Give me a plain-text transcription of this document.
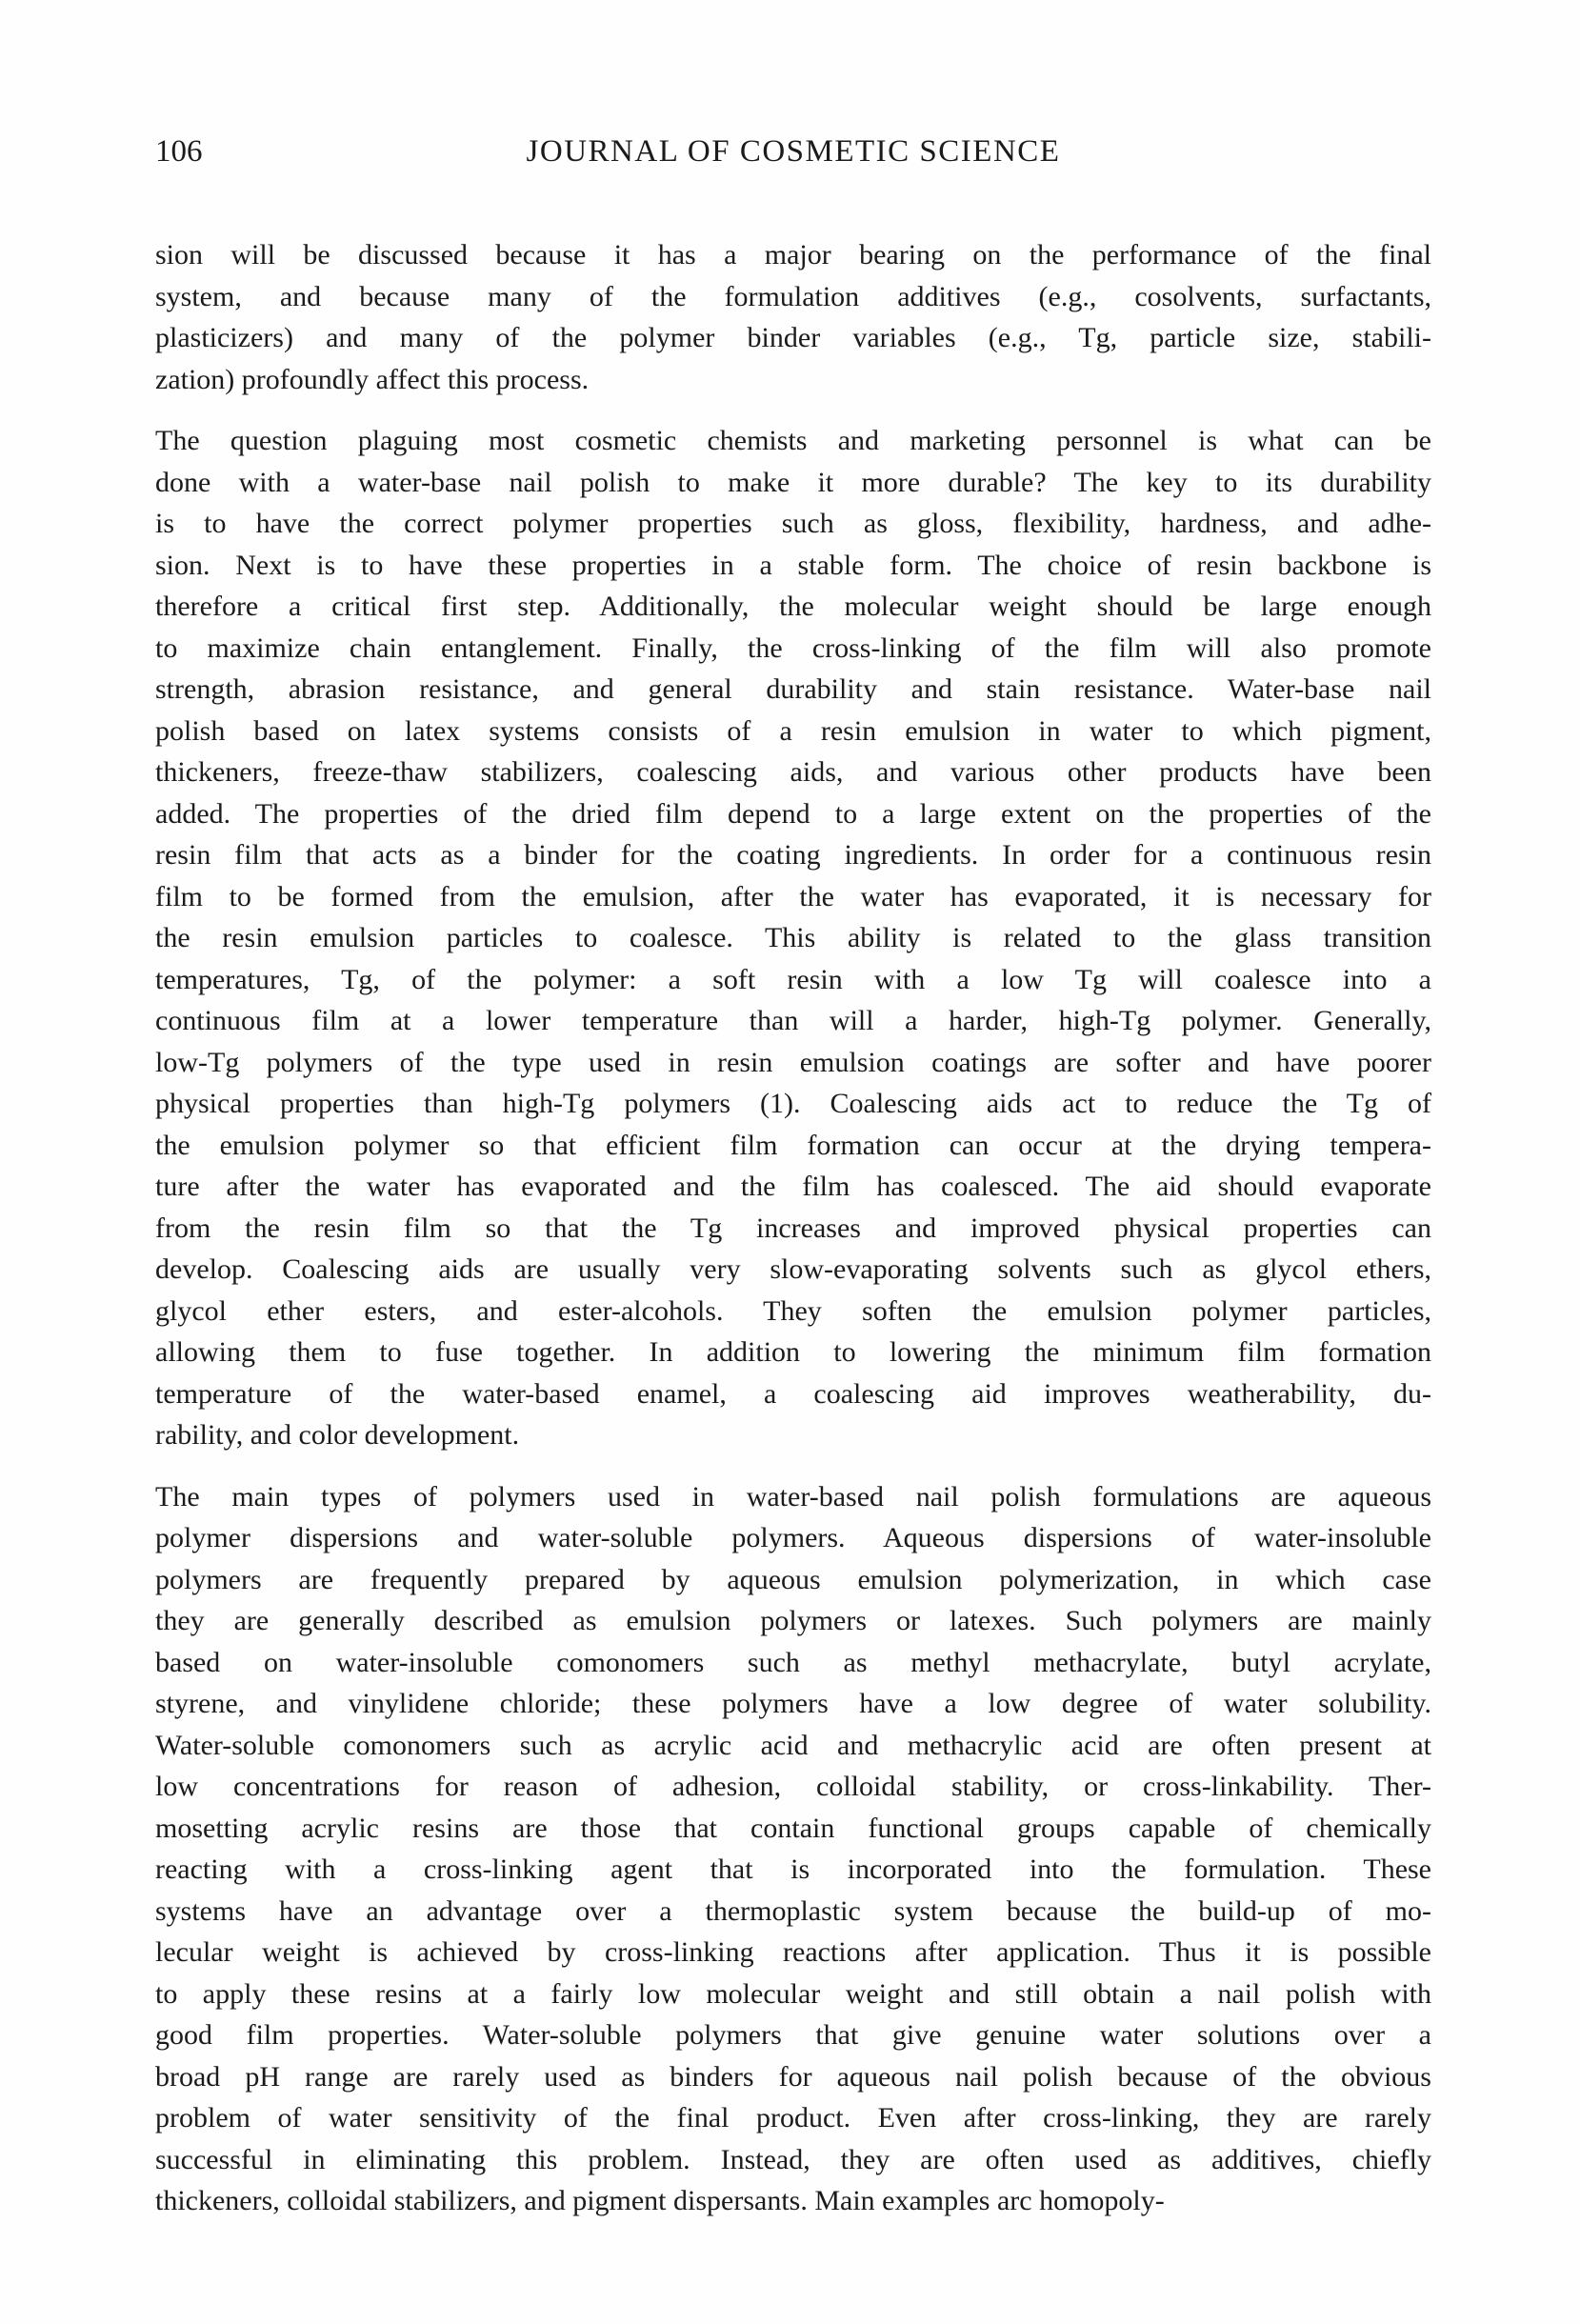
106	JOURNAL OF COSMETIC SCIENCE

sion will be discussed because it has a major bearing on the performance of the final
system, and because many of the formulation additives (e.g., cosolvents, surfactants,
plasticizers) and many of the polymer binder variables (e.g., Tg, particle size, stabili-
zation) profoundly affect this process.

The question plaguing most cosmetic chemists and marketing personnel is what can be
done with a water-base nail polish to make it more durable? The key to its durability
is to have the correct polymer properties such as gloss, flexibility, hardness, and adhe-
sion. Next is to have these properties in a stable form. The choice of resin backbone is
therefore a critical first step. Additionally, the molecular weight should be large enough
to maximize chain entanglement. Finally, the cross-linking of the film will also promote
strength, abrasion resistance, and general durability and stain resistance. Water-base nail
polish based on latex systems consists of a resin emulsion in water to which pigment,
thickeners, freeze-thaw stabilizers, coalescing aids, and various other products have been
added. The properties of the dried film depend to a large extent on the properties of the
resin film that acts as a binder for the coating ingredients. In order for a continuous resin
film to be formed from the emulsion, after the water has evaporated, it is necessary for
the resin emulsion particles to coalesce. This ability is related to the glass transition
temperatures, Tg, of the polymer: a soft resin with a low Tg will coalesce into a
continuous film at a lower temperature than will a harder, high-Tg polymer. Generally,
low-Tg polymers of the type used in resin emulsion coatings are softer and have poorer
physical properties than high-Tg polymers (1). Coalescing aids act to reduce the Tg of
the emulsion polymer so that efficient film formation can occur at the drying tempera-
ture after the water has evaporated and the film has coalesced. The aid should evaporate
from the resin film so that the Tg increases and improved physical properties can
develop. Coalescing aids are usually very slow-evaporating solvents such as glycol ethers,
glycol ether esters, and ester-alcohols. They soften the emulsion polymer particles,
allowing them to fuse together. In addition to lowering the minimum film formation
temperature of the water-based enamel, a coalescing aid improves weatherability, du-
rability, and color development.

The main types of polymers used in water-based nail polish formulations are aqueous
polymer dispersions and water-soluble polymers. Aqueous dispersions of water-insoluble
polymers are frequently prepared by aqueous emulsion polymerization, in which case
they are generally described as emulsion polymers or latexes. Such polymers are mainly
based on water-insoluble comonomers such as methyl methacrylate, butyl acrylate,
styrene, and vinylidene chloride; these polymers have a low degree of water solubility.
Water-soluble comonomers such as acrylic acid and methacrylic acid are often present at
low concentrations for reason of adhesion, colloidal stability, or cross-linkability. Ther-
mosetting acrylic resins are those that contain functional groups capable of chemically
reacting with a cross-linking agent that is incorporated into the formulation. These
systems have an advantage over a thermoplastic system because the build-up of mo-
lecular weight is achieved by cross-linking reactions after application. Thus it is possible
to apply these resins at a fairly low molecular weight and still obtain a nail polish with
good film properties. Water-soluble polymers that give genuine water solutions over a
broad pH range are rarely used as binders for aqueous nail polish because of the obvious
problem of water sensitivity of the final product. Even after cross-linking, they are rarely
successful in eliminating this problem. Instead, they are often used as additives, chiefly
thickeners, colloidal stabilizers, and pigment dispersants. Main examples arc homopoly-
